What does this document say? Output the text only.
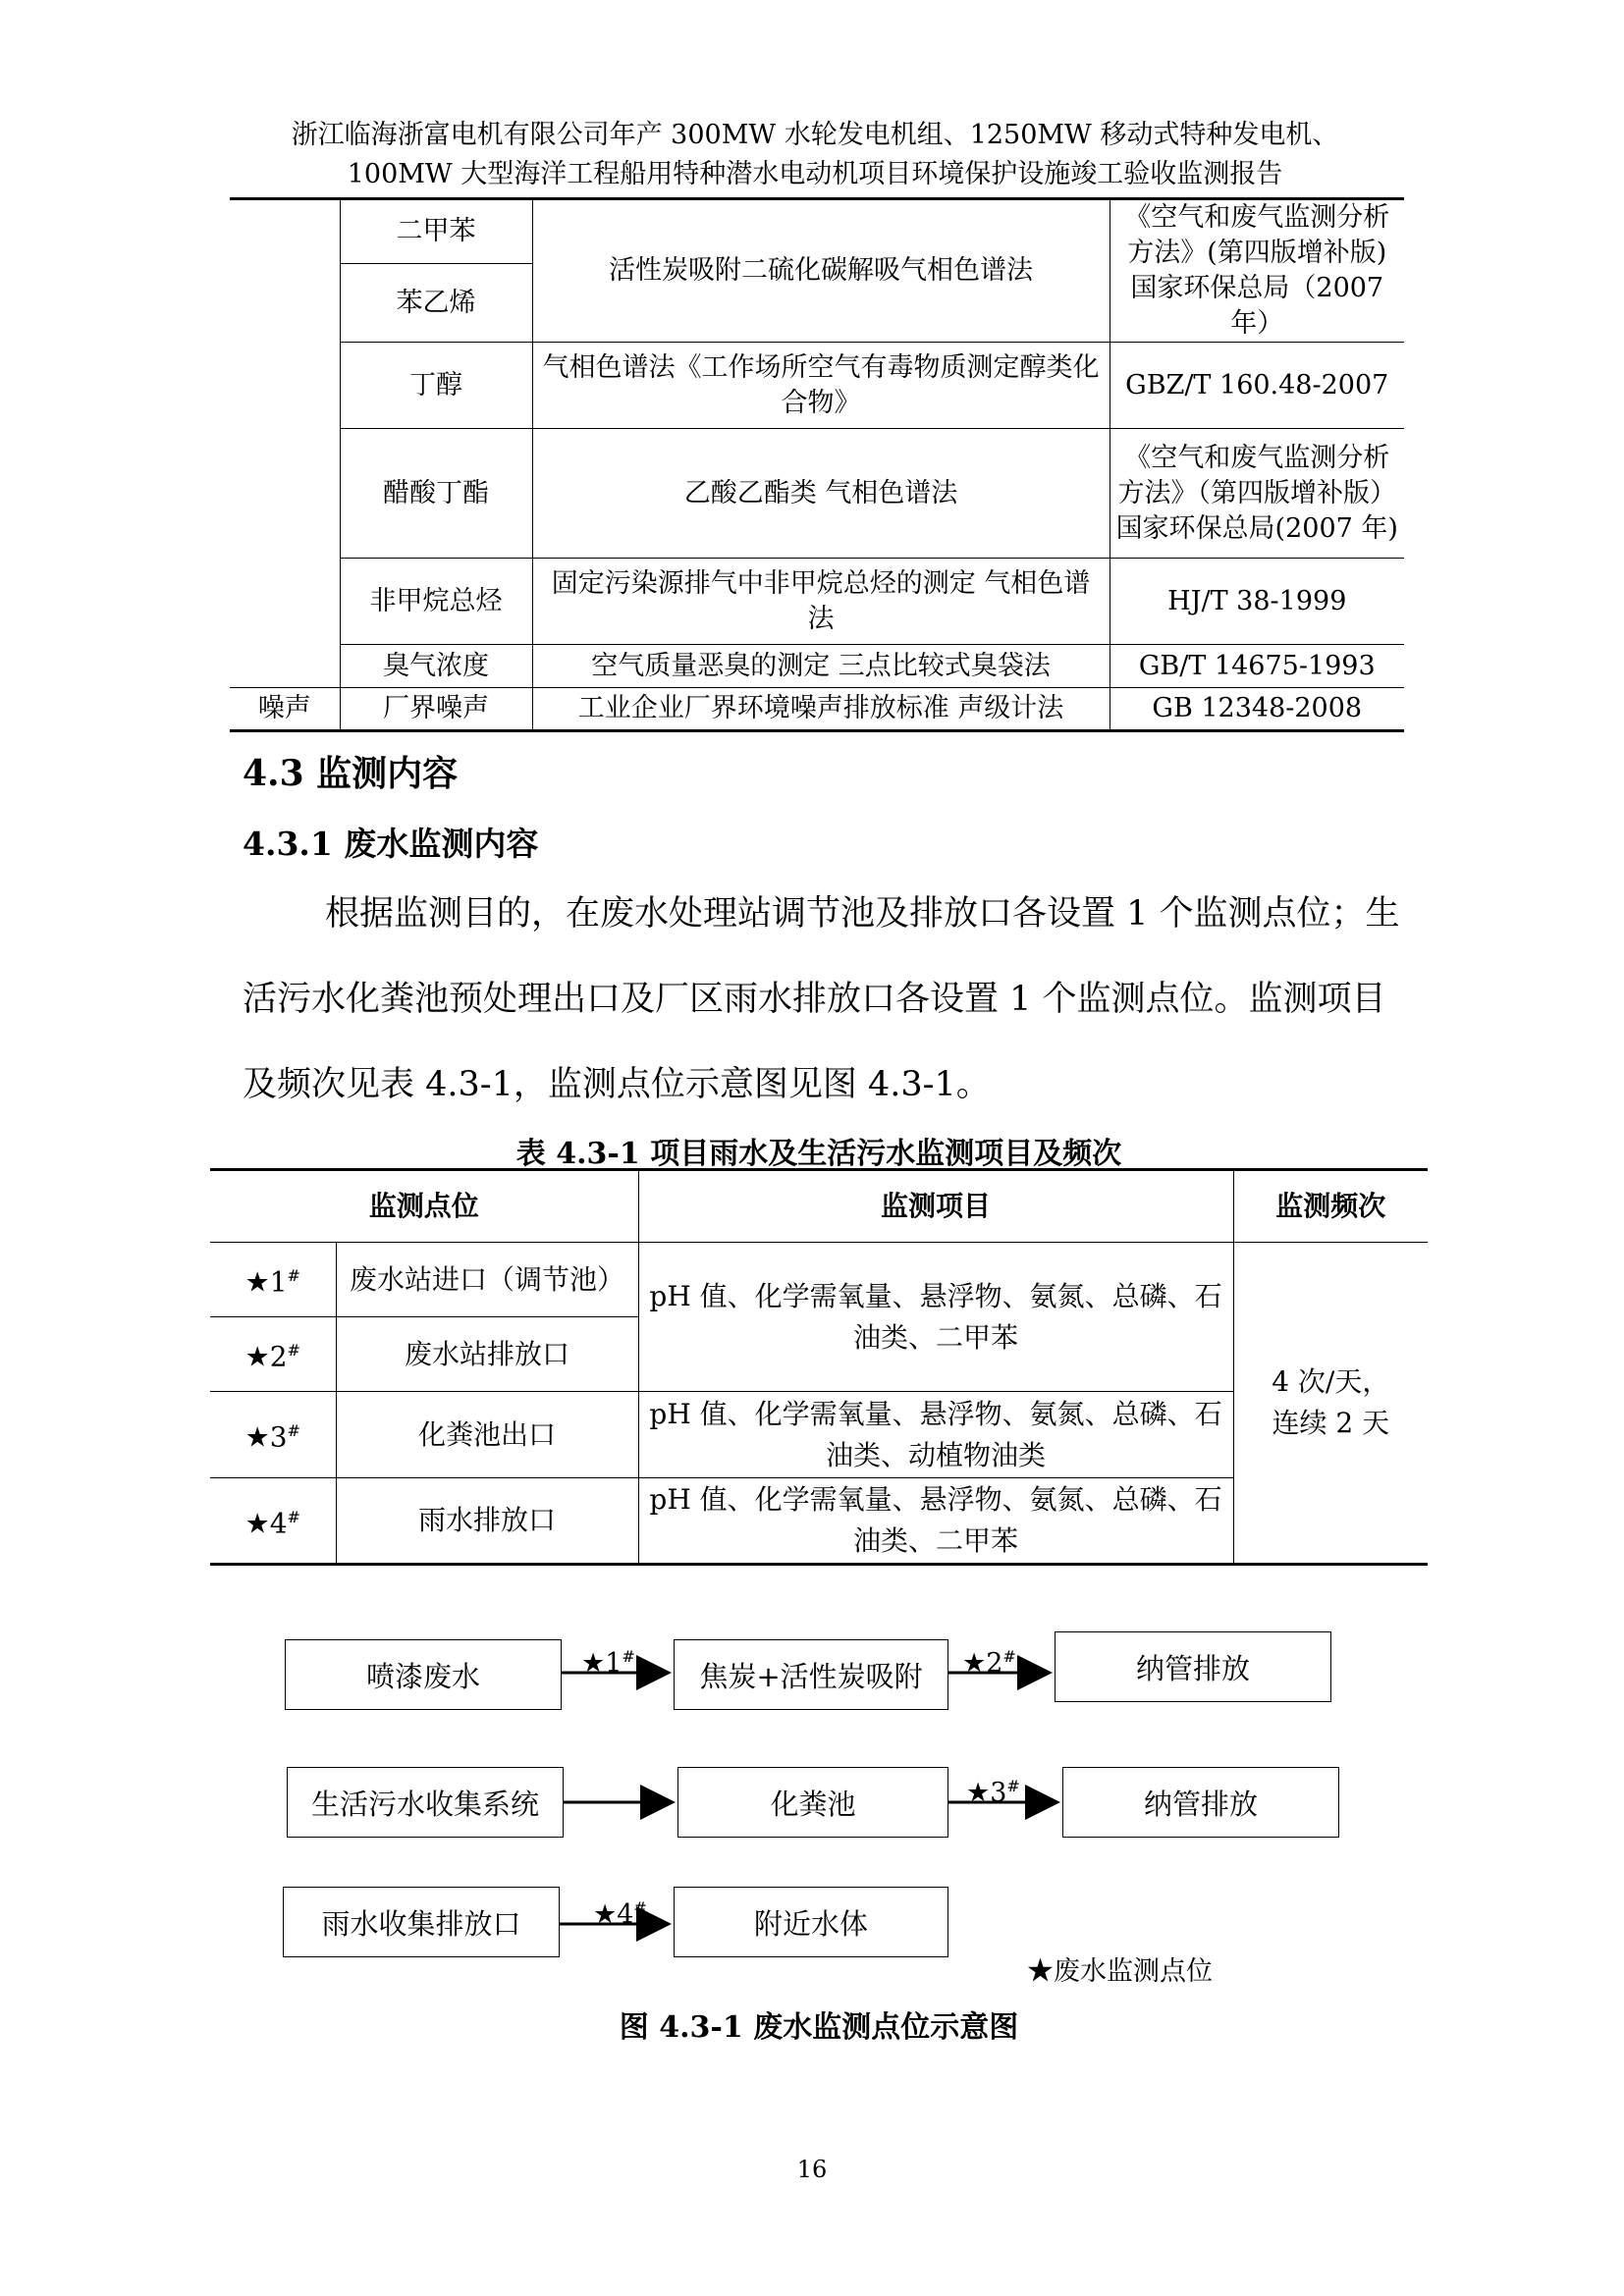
浙江临海浙富电机有限公司年产 300MW 水轮发电机组、1250MW 移动式特种发电机、
100MW 大型海洋工程船用特种潜水电动机项目环境保护设施竣工验收监测报告
	二甲苯	活性炭吸附二硫化碳解吸气相色谱法	《空气和废气监测分析方法》(第四版增补版)国家环保总局（2007 年）
	苯乙烯		
	丁醇	气相色谱法《工作场所空气有毒物质测定醇类化合物》	GBZ/T 160.48-2007
	醋酸丁酯	乙酸乙酯类 气相色谱法	《空气和废气监测分析方法》（第四版增补版）国家环保总局(2007 年)
	非甲烷总烃	固定污染源排气中非甲烷总烃的测定 气相色谱法	HJ/T 38-1999
	臭气浓度	空气质量恶臭的测定 三点比较式臭袋法	GB/T 14675-1993
噪声	厂界噪声	工业企业厂界环境噪声排放标准 声级计法	GB 12348-2008
4.3 监测内容
4.3.1 废水监测内容
根据监测目的，在废水处理站调节池及排放口各设置 1 个监测点位；生活污水化粪池预处理出口及厂区雨水排放口各设置 1 个监测点位。监测项目及频次见表 4.3-1，监测点位示意图见图 4.3-1。
表 4.3-1 项目雨水及生活污水监测项目及频次
监测点位		监测项目	监测频次
★1#	废水站进口（调节池）	pH 值、化学需氧量、悬浮物、氨氮、总磷、石油类、二甲苯	4 次/天，
连续 2 天

★2#	废水站排放口		
★3#	化粪池出口	pH 值、化学需氧量、悬浮物、氨氮、总磷、石油类、动植物油类	
★4#	雨水排放口	pH 值、化学需氧量、悬浮物、氨氮、总磷、石油类、二甲苯	
喷漆废水	焦炭+活性炭吸附	纳管排放
生活污水收集系统	化粪池	纳管排放
雨水收集排放口	附近水体
★1#	★2#
★3#
★4#
★废水监测点位
图 4.3-1 废水监测点位示意图
16
